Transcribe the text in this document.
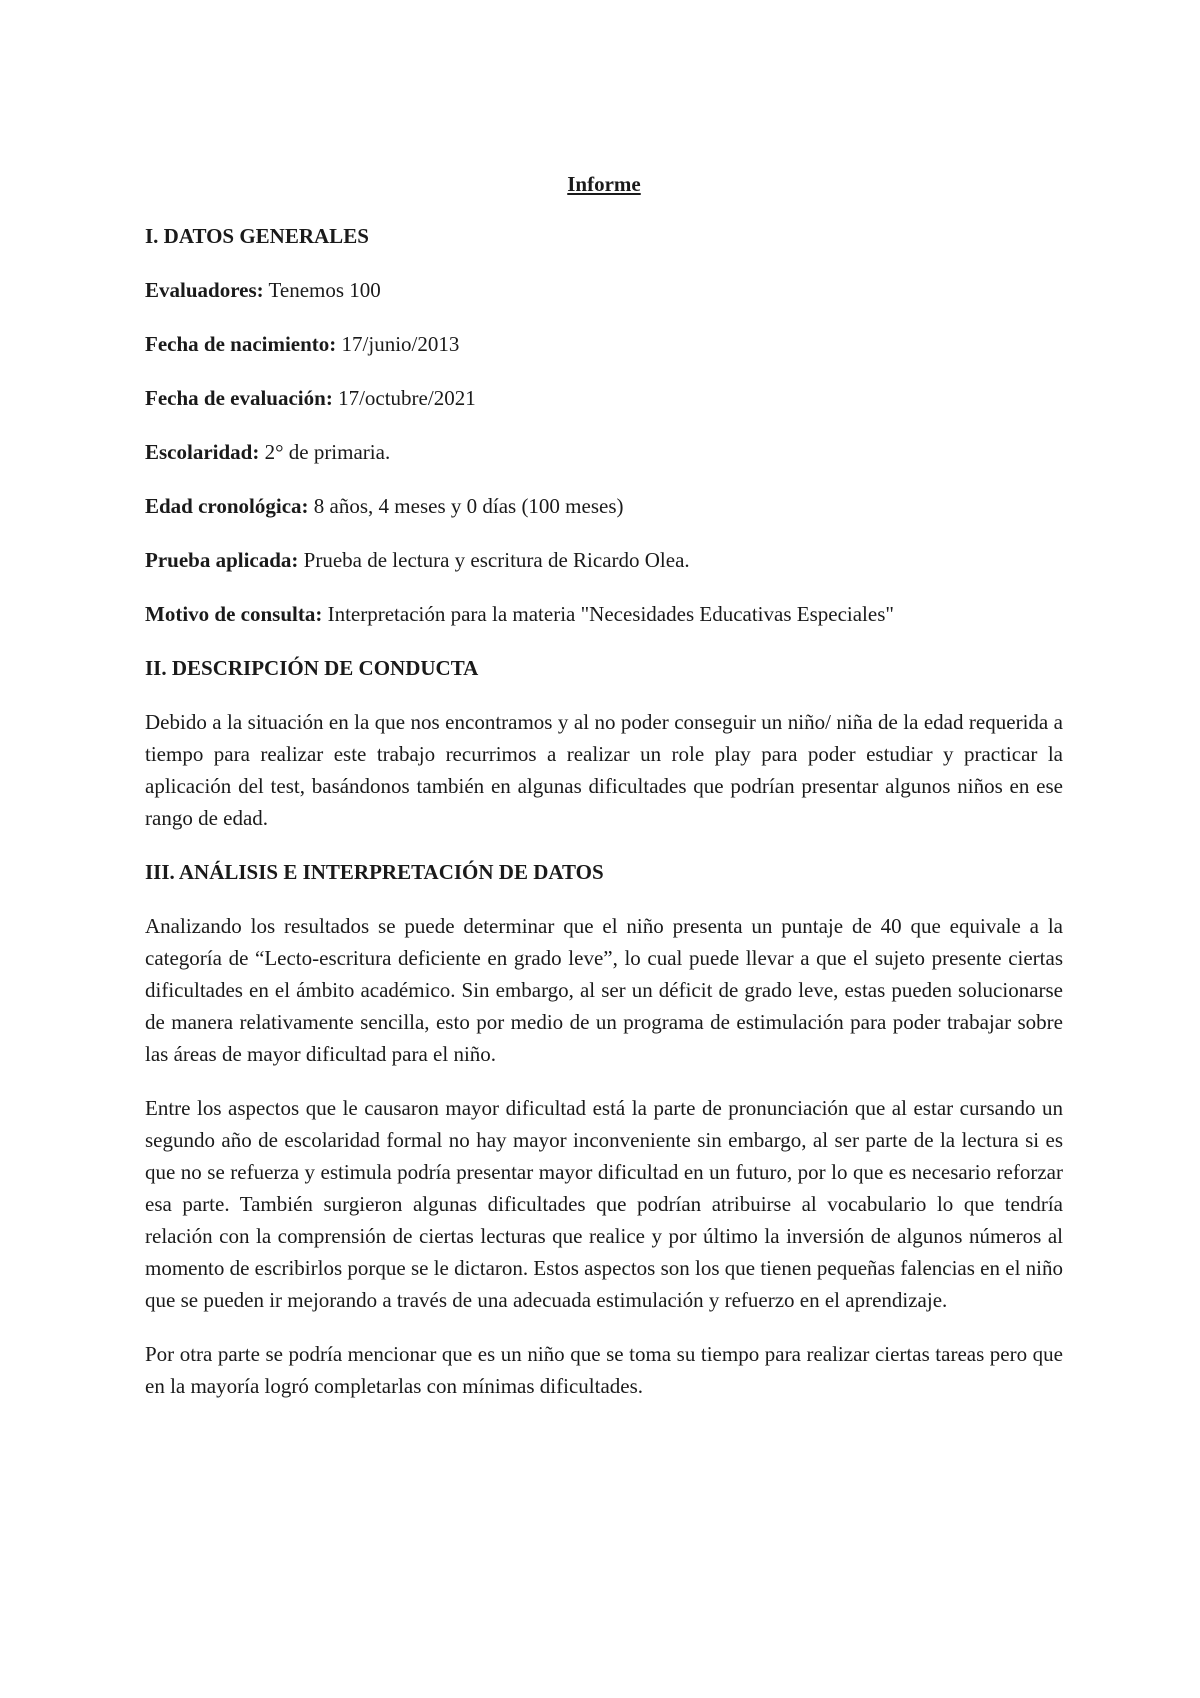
Informe
I. DATOS GENERALES
Evaluadores: Tenemos 100
Fecha de nacimiento: 17/junio/2013
Fecha de evaluación: 17/octubre/2021
Escolaridad: 2° de primaria.
Edad cronológica: 8 años, 4 meses y 0 días (100 meses)
Prueba aplicada: Prueba de lectura y escritura de Ricardo Olea.
Motivo de consulta: Interpretación para la materia "Necesidades Educativas Especiales"
II. DESCRIPCIÓN DE CONDUCTA

Debido a la situación en la que nos encontramos y al no poder conseguir un niño/ niña de la edad requerida a tiempo para realizar este trabajo recurrimos a realizar un role play para poder estudiar y practicar la aplicación del test, basándonos también en algunas dificultades que podrían presentar algunos niños en ese rango de edad.

III. ANÁLISIS E INTERPRETACIÓN DE DATOS

Analizando los resultados se puede determinar que el niño presenta un puntaje de 40 que equivale a la categoría de “Lecto-escritura deficiente en grado leve”, lo cual puede llevar a que el sujeto presente ciertas dificultades en el ámbito académico. Sin embargo, al ser un déficit de grado leve, estas pueden solucionarse de manera relativamente sencilla, esto por medio de un programa de estimulación para poder trabajar sobre las áreas de mayor dificultad para el niño.

Entre los aspectos que le causaron mayor dificultad está la parte de pronunciación que al estar cursando un segundo año de escolaridad formal no hay mayor inconveniente sin embargo, al ser parte de la lectura si es que no se refuerza y estimula podría presentar mayor dificultad en un futuro, por lo que es necesario reforzar esa parte. También surgieron algunas dificultades que podrían atribuirse al vocabulario lo que tendría relación con la comprensión de ciertas lecturas que realice y por último la inversión de algunos números al momento de escribirlos porque se le dictaron. Estos aspectos son los que tienen pequeñas falencias en el niño que se pueden ir mejorando a través de una adecuada estimulación y refuerzo en el aprendizaje.

Por otra parte se podría mencionar que es un niño que se toma su tiempo para realizar ciertas tareas pero que en la mayoría logró completarlas con mínimas dificultades.
